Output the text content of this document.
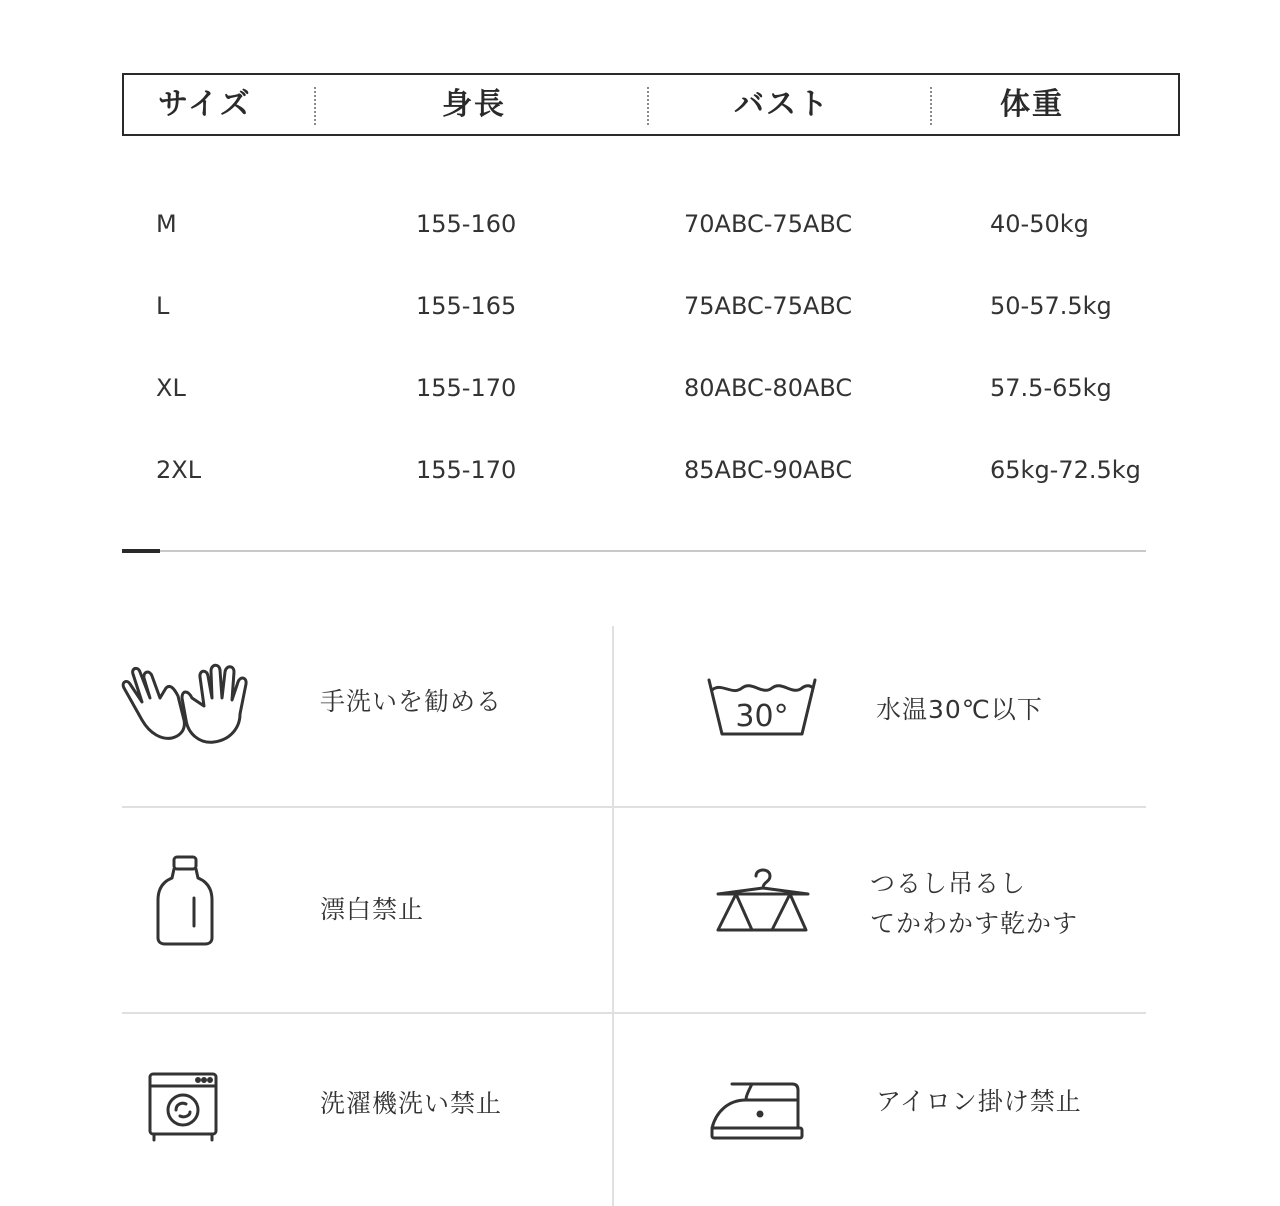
サイズ	身長	バスト	体重
M	155-160	70ABC-75ABC	40-50kg
L	155-165	75ABC-75ABC	50-57.5kg
XL	155-170	80ABC-80ABC	57.5-65kg
2XL	155-170	85ABC-90ABC	65kg-72.5kg
手洗いを勧める	30°	水温30℃以下
漂白禁止
つるし吊るし
てかわかす乾かす
洗濯機洗い禁止	アイロン掛け禁止
